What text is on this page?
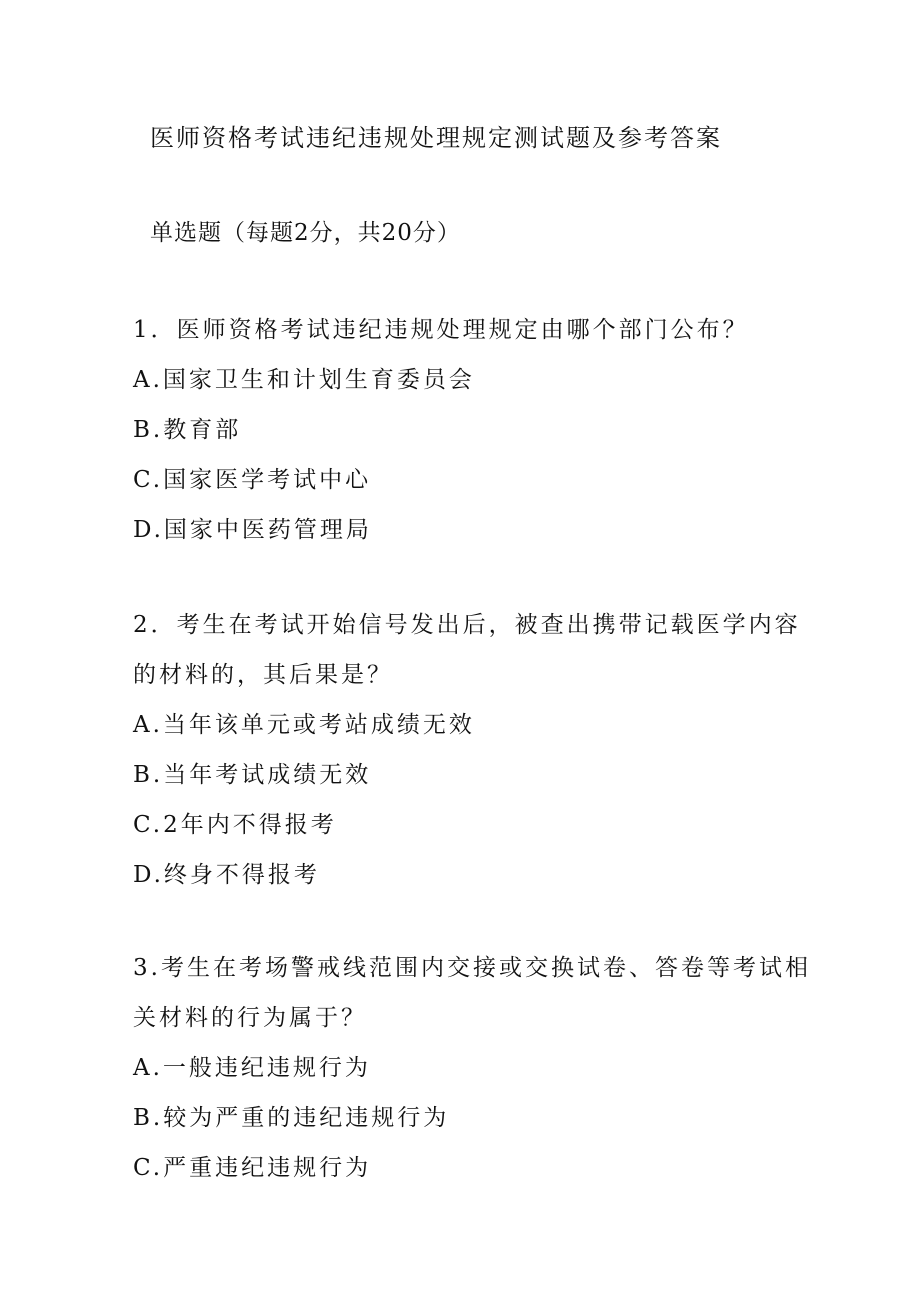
医师资格考试违纪违规处理规定测试题及参考答案
单选题（每题2分，共20分）

1．医师资格考试违纪违规处理规定由哪个部门公布？

A.国家卫生和计划生育委员会

B.教育部

C.国家医学考试中心

D.国家中医药管理局

2．考生在考试开始信号发出后，被查出携带记载医学内容的材料的，其后果是？

A.当年该单元或考站成绩无效

B.当年考试成绩无效

C.2年内不得报考

D.终身不得报考

3.考生在考场警戒线范围内交接或交换试卷、答卷等考试相关材料的行为属于？

A.一般违纪违规行为

B.较为严重的违纪违规行为

C.严重违纪违规行为
